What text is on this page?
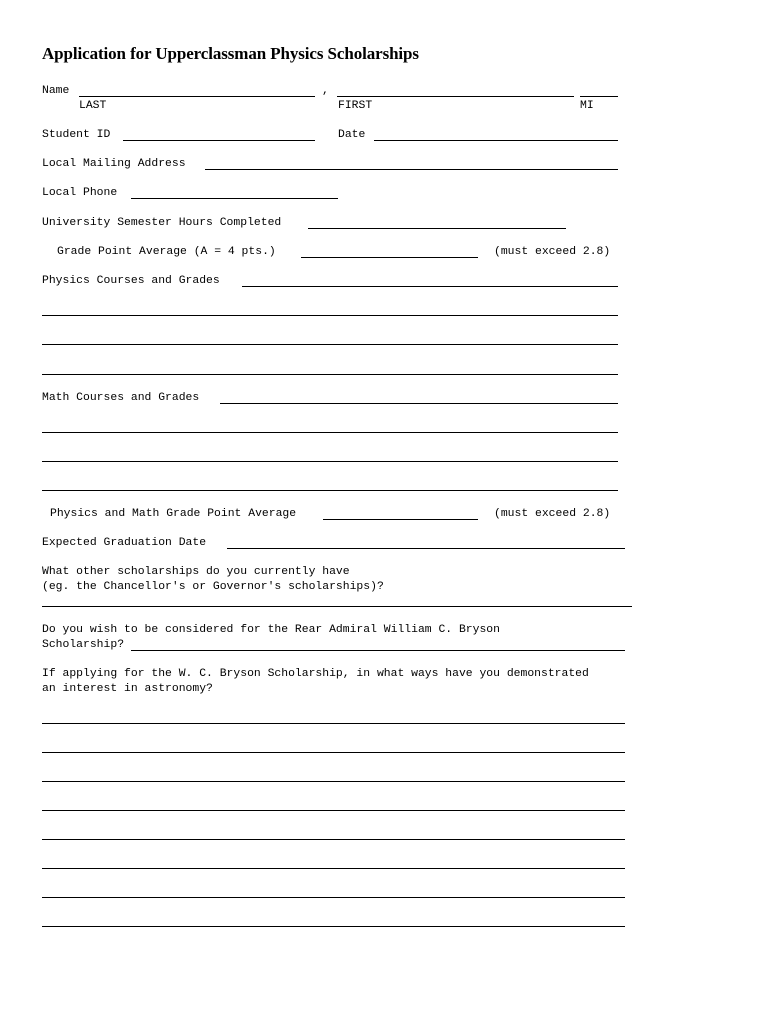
Application for Upperclassman Physics Scholarships
Name	,
LAST	FIRST	MI
Student ID	Date
Local Mailing Address
Local Phone
University Semester Hours Completed
Grade Point Average (A = 4 pts.)	(must exceed 2.8)
Physics Courses and Grades
Math Courses and Grades
Physics and Math Grade Point Average	(must exceed 2.8)
Expected Graduation Date
What other scholarships do you currently have
(eg. the Chancellor's or Governor's scholarships)?
Do you wish to be considered for the Rear Admiral William C. Bryson
Scholarship?
If applying for the W. C. Bryson Scholarship, in what ways have you demonstrated
an interest in astronomy?
